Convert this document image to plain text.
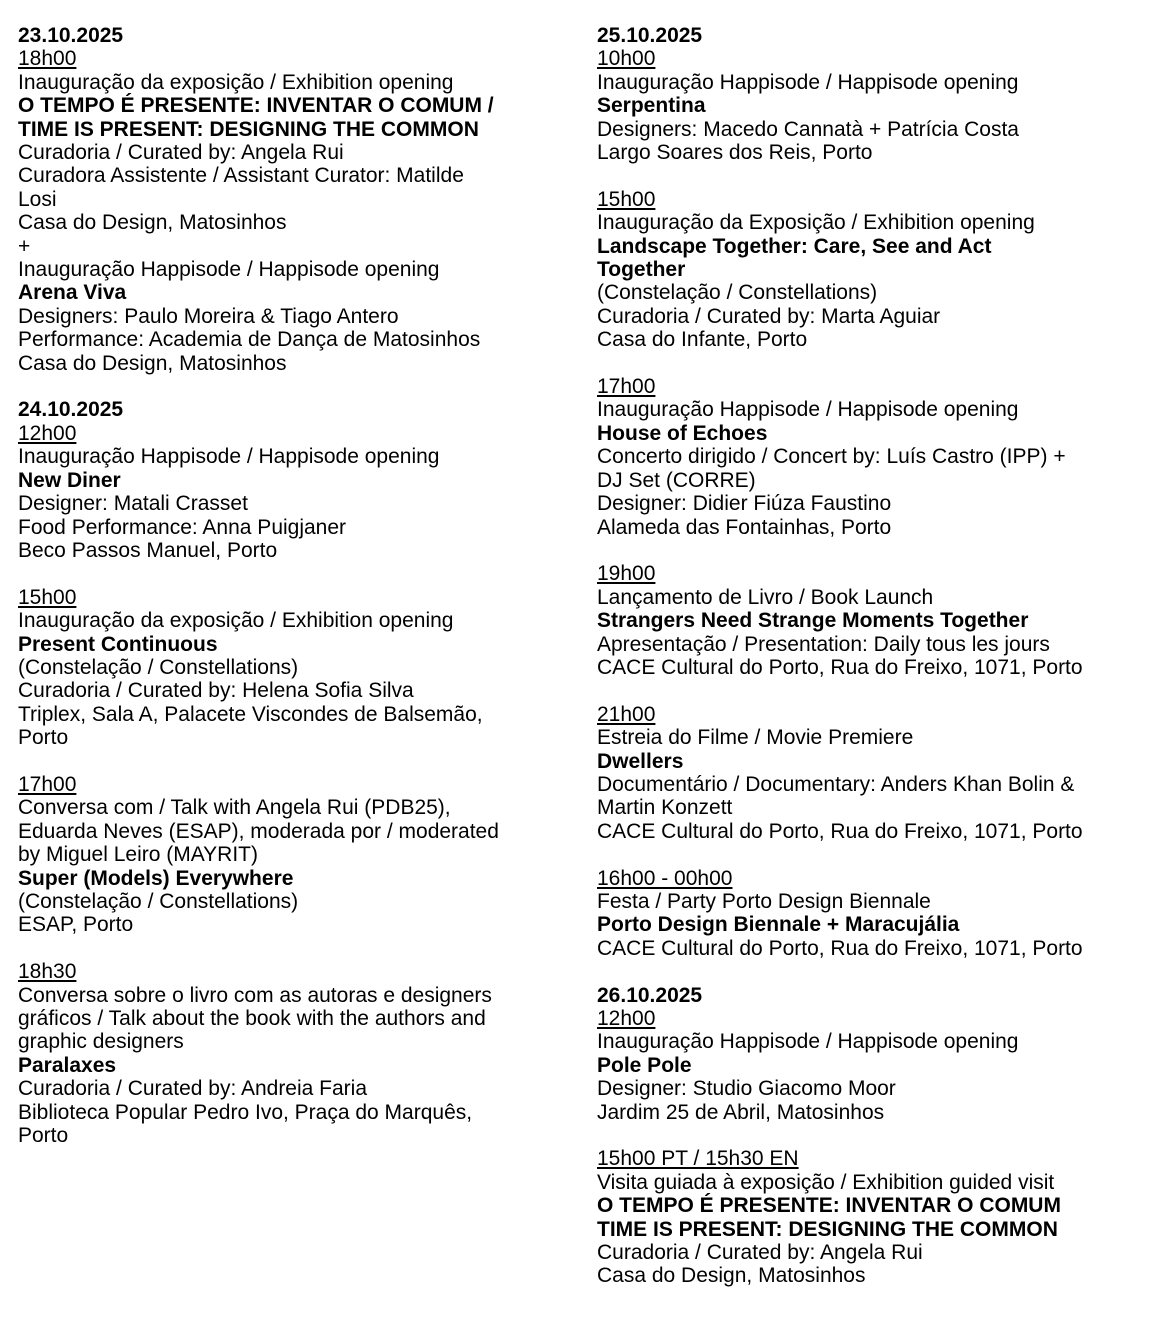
23.10.2025
18h00
Inauguração da exposição / Exhibition opening
O TEMPO É PRESENTE: INVENTAR O COMUM /
TIME IS PRESENT: DESIGNING THE COMMON
Curadoria / Curated by: Angela Rui
Curadora Assistente / Assistant Curator: Matilde
Losi
Casa do Design, Matosinhos
+
Inauguração Happisode / Happisode opening
Arena Viva
Designers: Paulo Moreira & Tiago Antero
Performance: Academia de Dança de Matosinhos
Casa do Design, Matosinhos
24.10.2025
12h00
Inauguração Happisode / Happisode opening
New Diner
Designer: Matali Crasset
Food Performance: Anna Puigjaner
Beco Passos Manuel, Porto
15h00
Inauguração da exposição / Exhibition opening
Present Continuous
(Constelação / Constellations)
Curadoria / Curated by: Helena Sofia Silva
Triplex, Sala A, Palacete Viscondes de Balsemão,
Porto
17h00
Conversa com / Talk with Angela Rui (PDB25),
Eduarda Neves (ESAP), moderada por / moderated
by Miguel Leiro (MAYRIT)
Super (Models) Everywhere
(Constelação / Constellations)
ESAP, Porto
18h30
Conversa sobre o livro com as autoras e designers
gráficos / Talk about the book with the authors and
graphic designers
Paralaxes
Curadoria / Curated by: Andreia Faria
Biblioteca Popular Pedro Ivo, Praça do Marquês,
Porto
25.10.2025
10h00
Inauguração Happisode / Happisode opening
Serpentina
Designers: Macedo Cannatà + Patrícia Costa
Largo Soares dos Reis, Porto
15h00
Inauguração da Exposição / Exhibition opening
Landscape Together: Care, See and Act
Together
(Constelação / Constellations)
Curadoria / Curated by: Marta Aguiar
Casa do Infante, Porto
17h00
Inauguração Happisode / Happisode opening
House of Echoes
Concerto dirigido / Concert by: Luís Castro (IPP) +
DJ Set (CORRE)
Designer: Didier Fiúza Faustino
Alameda das Fontainhas, Porto
19h00
Lançamento de Livro / Book Launch
Strangers Need Strange Moments Together
Apresentação / Presentation: Daily tous les jours
CACE Cultural do Porto, Rua do Freixo, 1071, Porto
21h00
Estreia do Filme / Movie Premiere
Dwellers
Documentário / Documentary: Anders Khan Bolin &
Martin Konzett
CACE Cultural do Porto, Rua do Freixo, 1071, Porto
16h00 - 00h00
Festa / Party Porto Design Biennale
Porto Design Biennale + Maracujália
CACE Cultural do Porto, Rua do Freixo, 1071, Porto
26.10.2025
12h00
Inauguração Happisode / Happisode opening
Pole Pole
Designer: Studio Giacomo Moor
Jardim 25 de Abril, Matosinhos
15h00 PT / 15h30 EN
Visita guiada à exposição / Exhibition guided visit
O TEMPO É PRESENTE: INVENTAR O COMUM
TIME IS PRESENT: DESIGNING THE COMMON
Curadoria / Curated by: Angela Rui
Casa do Design, Matosinhos
